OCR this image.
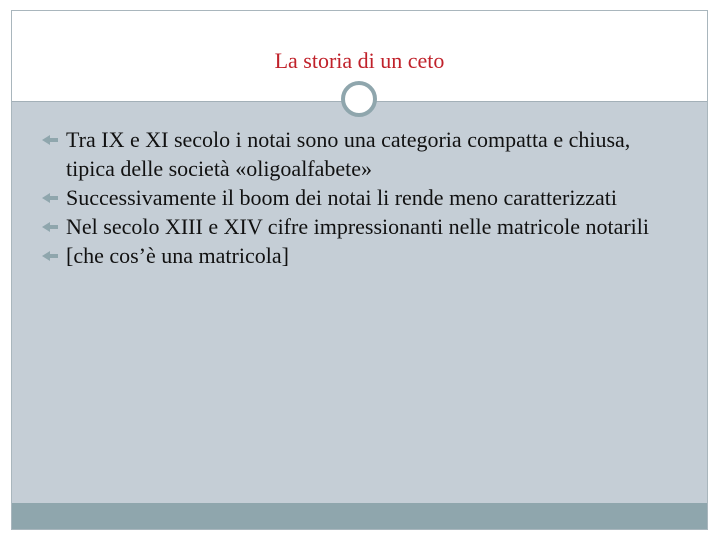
La storia di un ceto
Tra IX e XI secolo i notai sono una categoria compatta e chiusa, tipica delle società «oligoalfabete»
Successivamente il boom dei notai li rende meno caratterizzati
Nel secolo XIII e XIV cifre impressionanti nelle matricole notarili
[che cos’è una matricola]
